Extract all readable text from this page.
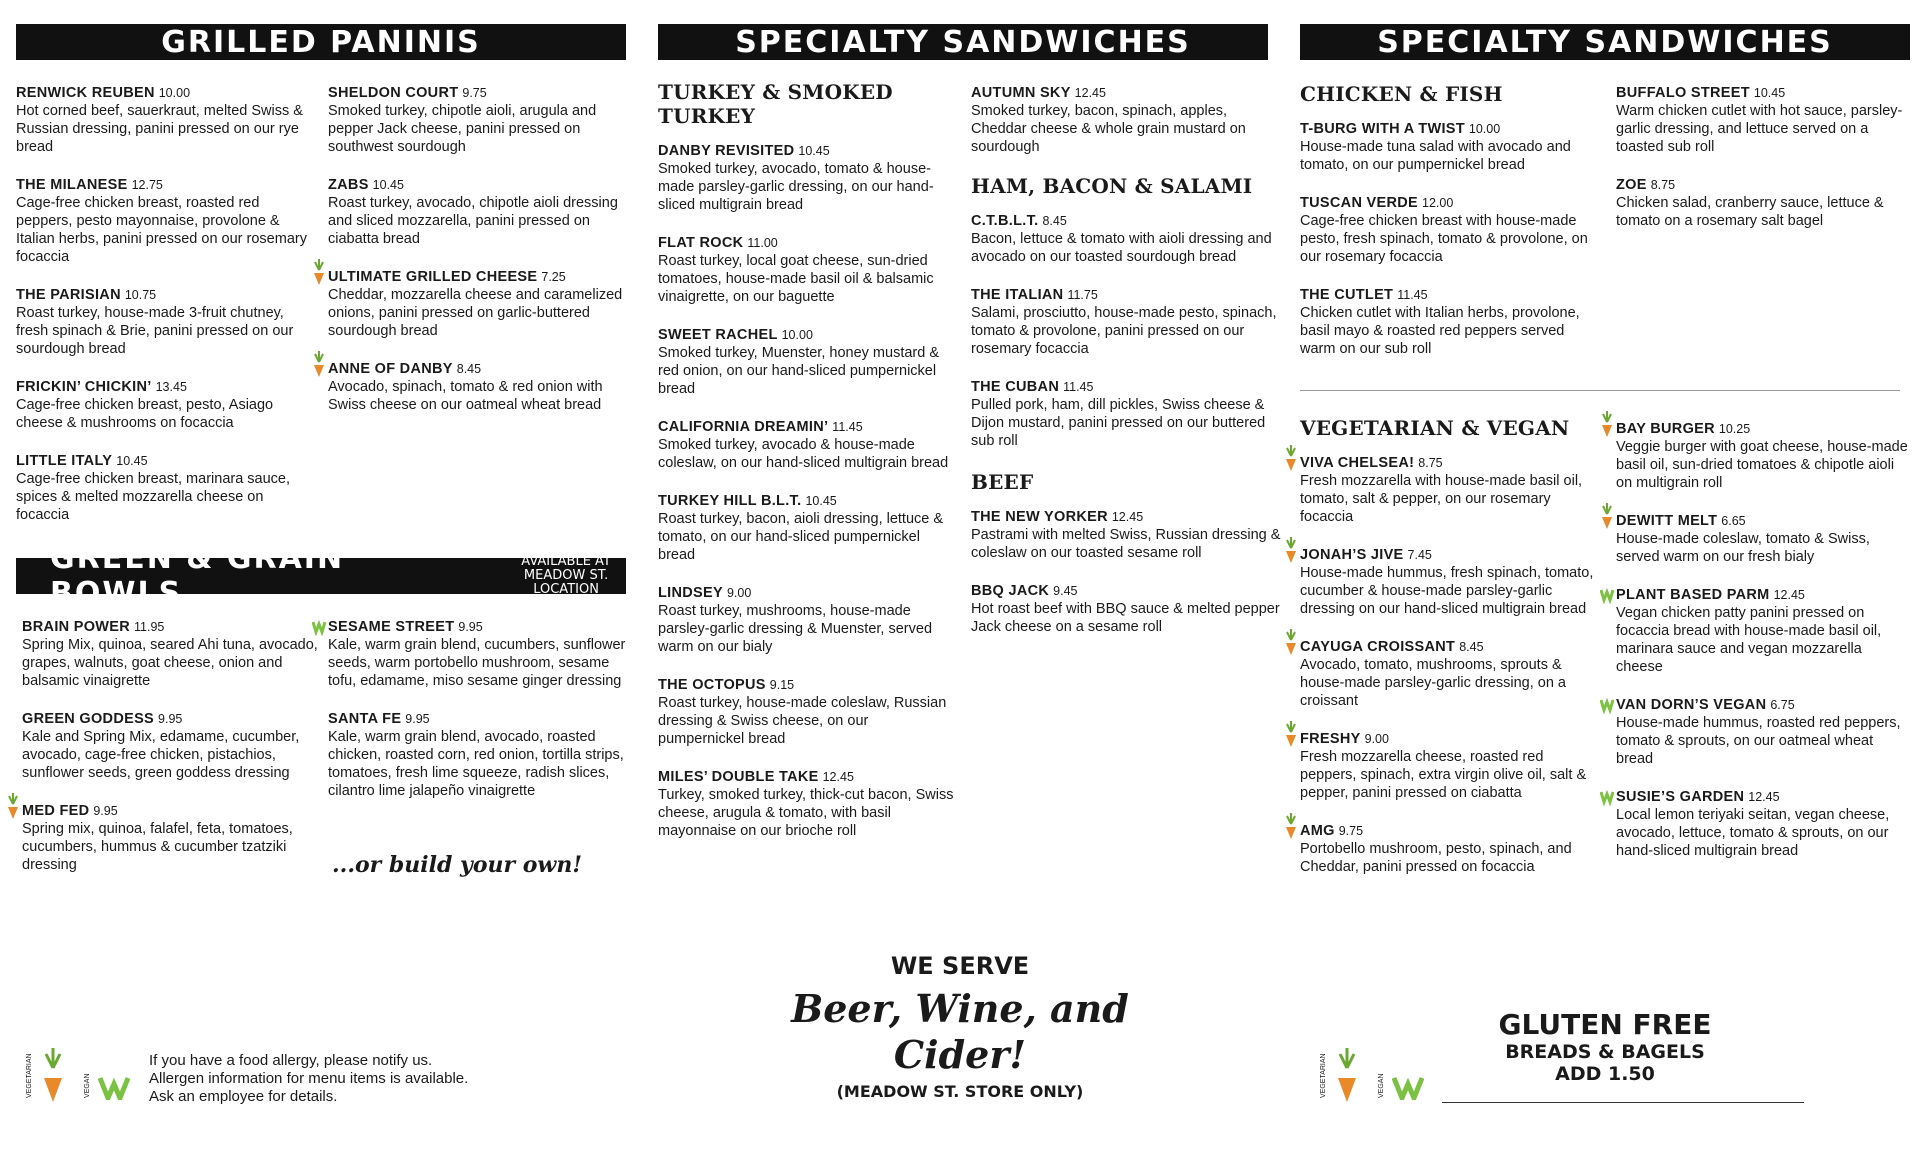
GRILLED PANINIS	SPECIALTY SANDWICHES	SPECIALTY SANDWICHES
GREEN & GRAIN BOWLS
AVAILABLE AT MEADOW ST. LOCATION
RENWICK REUBEN 10.00
Hot corned beef, sauerkraut, melted Swiss & Russian dressing, panini pressed on our rye bread
THE MILANESE 12.75
Cage-free chicken breast, roasted red peppers, pesto mayonnaise, provolone & Italian herbs, panini pressed on our rosemary focaccia
THE PARISIAN 10.75
Roast turkey, house-made 3-fruit chutney, fresh spinach & Brie, panini pressed on our sourdough bread
FRICKIN’ CHICKIN’ 13.45
Cage-free chicken breast, pesto, Asiago cheese & mushrooms on focaccia
LITTLE ITALY 10.45
Cage-free chicken breast, marinara sauce, spices & melted mozzarella cheese on focaccia
SHELDON COURT 9.75
Smoked turkey, chipotle aioli, arugula and pepper Jack cheese, panini pressed on southwest sourdough
ZABS 10.45
Roast turkey, avocado, chipotle aioli dressing and sliced mozzarella, panini pressed on ciabatta bread
ULTIMATE GRILLED CHEESE 7.25
Cheddar, mozzarella cheese and caramelized onions, panini pressed on garlic-buttered sourdough bread
ANNE OF DANBY 8.45
Avocado, spinach, tomato & red onion with Swiss cheese on our oatmeal wheat bread
BRAIN POWER 11.95
Spring Mix, quinoa, seared Ahi tuna, avocado, grapes, walnuts, goat cheese, onion and balsamic vinaigrette
GREEN GODDESS 9.95
Kale and Spring Mix, edamame, cucumber, avocado, cage-free chicken, pistachios, sunflower seeds, green goddess dressing
MED FED 9.95
Spring mix, quinoa, falafel, feta, tomatoes, cucumbers, hummus & cucumber tzatziki dressing
SESAME STREET 9.95
Kale, warm grain blend, cucumbers, sunflower seeds, warm portobello mushroom, sesame tofu, edamame, miso sesame ginger dressing
SANTA FE 9.95
Kale, warm grain blend, avocado, roasted chicken, roasted corn, red onion, tortilla strips, tomatoes, fresh lime squeeze, radish slices, cilantro lime jalapeño vinaigrette
...or build your own!
TURKEY & SMOKED TURKEY
DANBY REVISITED 10.45
Smoked turkey, avocado, tomato & house-made parsley-garlic dressing, on our hand-sliced multigrain bread
FLAT ROCK 11.00
Roast turkey, local goat cheese, sun-dried tomatoes, house-made basil oil & balsamic vinaigrette, on our baguette
SWEET RACHEL 10.00
Smoked turkey, Muenster, honey mustard & red onion, on our hand-sliced pumpernickel bread
CALIFORNIA DREAMIN’ 11.45
Smoked turkey, avocado & house-made coleslaw, on our hand-sliced multigrain bread
TURKEY HILL B.L.T. 10.45
Roast turkey, bacon, aioli dressing, lettuce & tomato, on our hand-sliced pumpernickel bread
LINDSEY 9.00
Roast turkey, mushrooms, house-made parsley-garlic dressing & Muenster, served warm on our bialy
THE OCTOPUS 9.15
Roast turkey, house-made coleslaw, Russian dressing & Swiss cheese, on our pumpernickel bread
MILES’ DOUBLE TAKE 12.45
Turkey, smoked turkey, thick-cut bacon, Swiss cheese, arugula & tomato, with basil mayonnaise on our brioche roll
AUTUMN SKY 12.45
Smoked turkey, bacon, spinach, apples, Cheddar cheese & whole grain mustard on sourdough
HAM, BACON & SALAMI
C.T.B.L.T. 8.45
Bacon, lettuce & tomato with aioli dressing and avocado on our toasted sourdough bread
THE ITALIAN 11.75
Salami, prosciutto, house-made pesto, spinach, tomato & provolone, panini pressed on our rosemary focaccia
THE CUBAN 11.45
Pulled pork, ham, dill pickles, Swiss cheese & Dijon mustard, panini pressed on our buttered sub roll
BEEF
THE NEW YORKER 12.45
Pastrami with melted Swiss, Russian dressing & coleslaw on our toasted sesame roll
BBQ JACK 9.45
Hot roast beef with BBQ sauce & melted pepper Jack cheese on a sesame roll
CHICKEN & FISH
T-BURG WITH A TWIST 10.00
House-made tuna salad with avocado and tomato, on our pumpernickel bread
TUSCAN VERDE 12.00
Cage-free chicken breast with house-made pesto, fresh spinach, tomato & provolone, on our rosemary focaccia
THE CUTLET 11.45
Chicken cutlet with Italian herbs, provolone, basil mayo & roasted red peppers served warm on our sub roll
BUFFALO STREET 10.45
Warm chicken cutlet with hot sauce, parsley-garlic dressing, and lettuce served on a toasted sub roll
ZOE 8.75
Chicken salad, cranberry sauce, lettuce & tomato on a rosemary salt bagel
VEGETARIAN & VEGAN
VIVA CHELSEA! 8.75
Fresh mozzarella with house-made basil oil, tomato, salt & pepper, on our rosemary focaccia
JONAH’S JIVE 7.45
House-made hummus, fresh spinach, tomato, cucumber & house-made parsley-garlic dressing on our hand-sliced multigrain bread
CAYUGA CROISSANT 8.45
Avocado, tomato, mushrooms, sprouts & house-made parsley-garlic dressing, on a croissant
FRESHY 9.00
Fresh mozzarella cheese, roasted red peppers, spinach, extra virgin olive oil, salt & pepper, panini pressed on ciabatta
AMG 9.75
Portobello mushroom, pesto, spinach, and Cheddar, panini pressed on focaccia
BAY BURGER 10.25
Veggie burger with goat cheese, house-made basil oil, sun-dried tomatoes & chipotle aioli on multigrain roll
DEWITT MELT 6.65
House-made coleslaw, tomato & Swiss, served warm on our fresh bialy
PLANT BASED PARM 12.45
Vegan chicken patty panini pressed on focaccia bread with house-made basil oil, marinara sauce and vegan mozzarella cheese
VAN DORN’S VEGAN 6.75
House-made hummus, roasted red peppers, tomato & sprouts, on our oatmeal wheat bread
SUSIE’S GARDEN 12.45
Local lemon teriyaki seitan, vegan cheese, avocado, lettuce, tomato & sprouts, on our hand-sliced multigrain bread
VEGETARIAN	VEGAN
If you have a food allergy, please notify us.
Allergen information for menu items is available.
Ask an employee for details.
WE SERVE
Beer, Wine, and
Cider!
(MEADOW ST. STORE ONLY)	VEGETARIAN	VEGAN
GLUTEN FREE
BREADS & BAGELS
ADD 1.50
